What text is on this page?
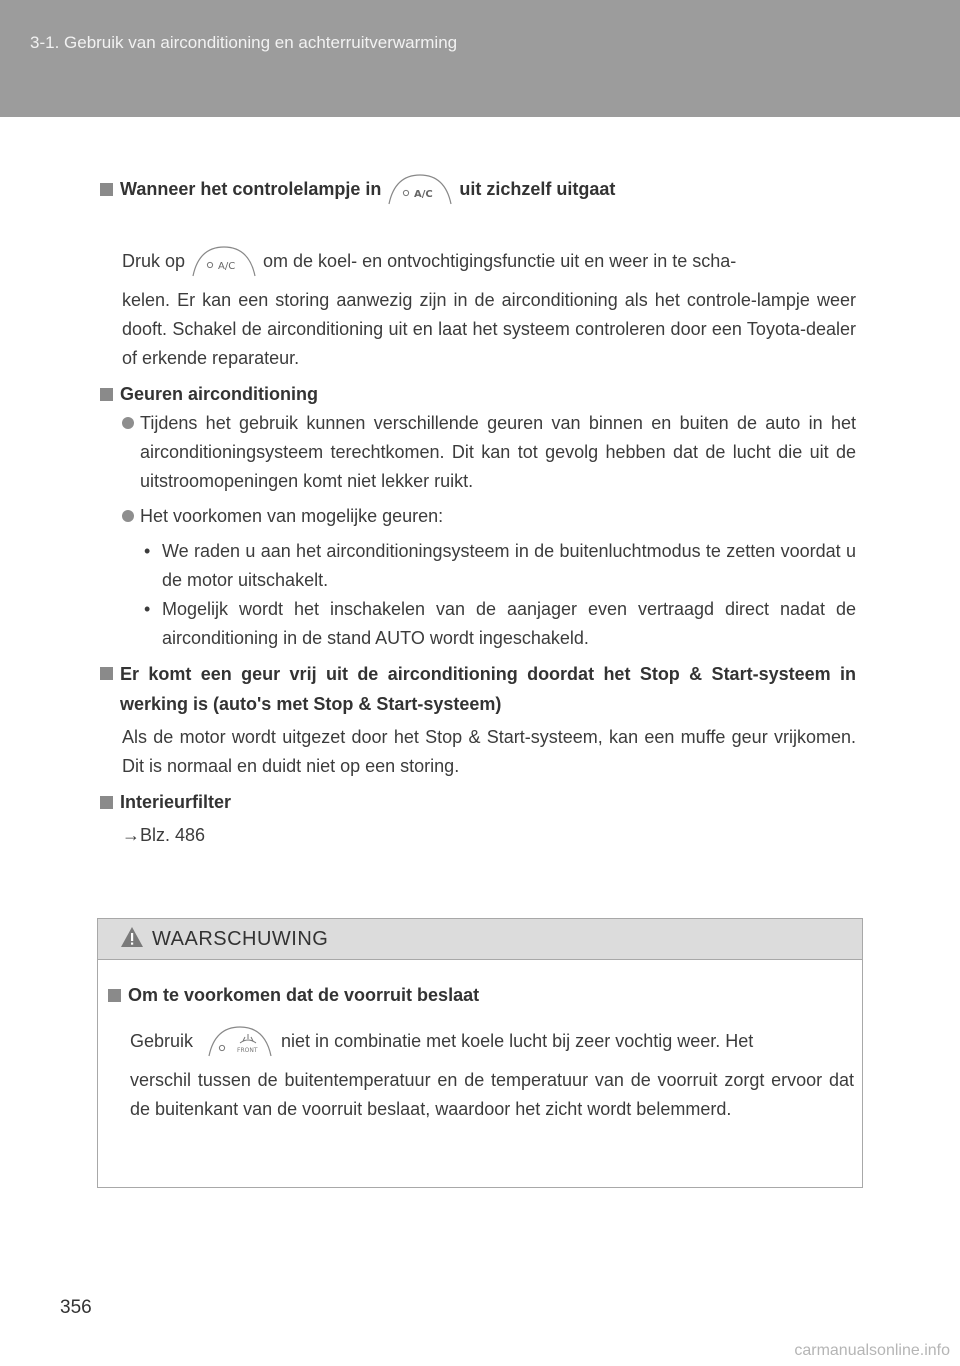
3-1. Gebruik van airconditioning en achterruitverwarming
Wanneer het controlelampje in	A/C uit zichzelf uitgaat

Druk op	A/C om de koel- en ontvochtigingsfunctie uit en weer in te scha-

kelen. Er kan een storing aanwezig zijn in de airconditioning als het controle-lampje weer dooft. Schakel de airconditioning uit en laat het systeem controleren door een Toyota-dealer of erkende reparateur.

Geuren airconditioning

Tijdens het gebruik kunnen verschillende geuren van binnen en buiten de auto in het airconditioningsysteem terechtkomen. Dit kan tot gevolg hebben dat de lucht die uit de uitstroomopeningen komt niet lekker ruikt.

Het voorkomen van mogelijke geuren:

• We raden u aan het airconditioningsysteem in de buitenluchtmodus te zetten voordat u de motor uitschakelt.

• Mogelijk wordt het inschakelen van de aanjager even vertraagd direct nadat de airconditioning in de stand AUTO wordt ingeschakeld.

Er komt een geur vrij uit de airconditioning doordat het Stop & Start-systeem in werking is (auto's met Stop & Start-systeem)

Als de motor wordt uitgezet door het Stop & Start-systeem, kan een muffe geur vrijkomen. Dit is normaal en duidt niet op een storing.

Interieurfilter

→Blz. 486

WAARSCHUWING
Om te voorkomen dat de voorruit beslaat

Gebruik	FRONT niet in combinatie met koele lucht bij zeer vochtig weer. Het

verschil tussen de buitentemperatuur en de temperatuur van de voorruit zorgt ervoor dat de buitenkant van de voorruit beslaat, waardoor het zicht wordt belemmerd.

356
carmanualsonline.info
